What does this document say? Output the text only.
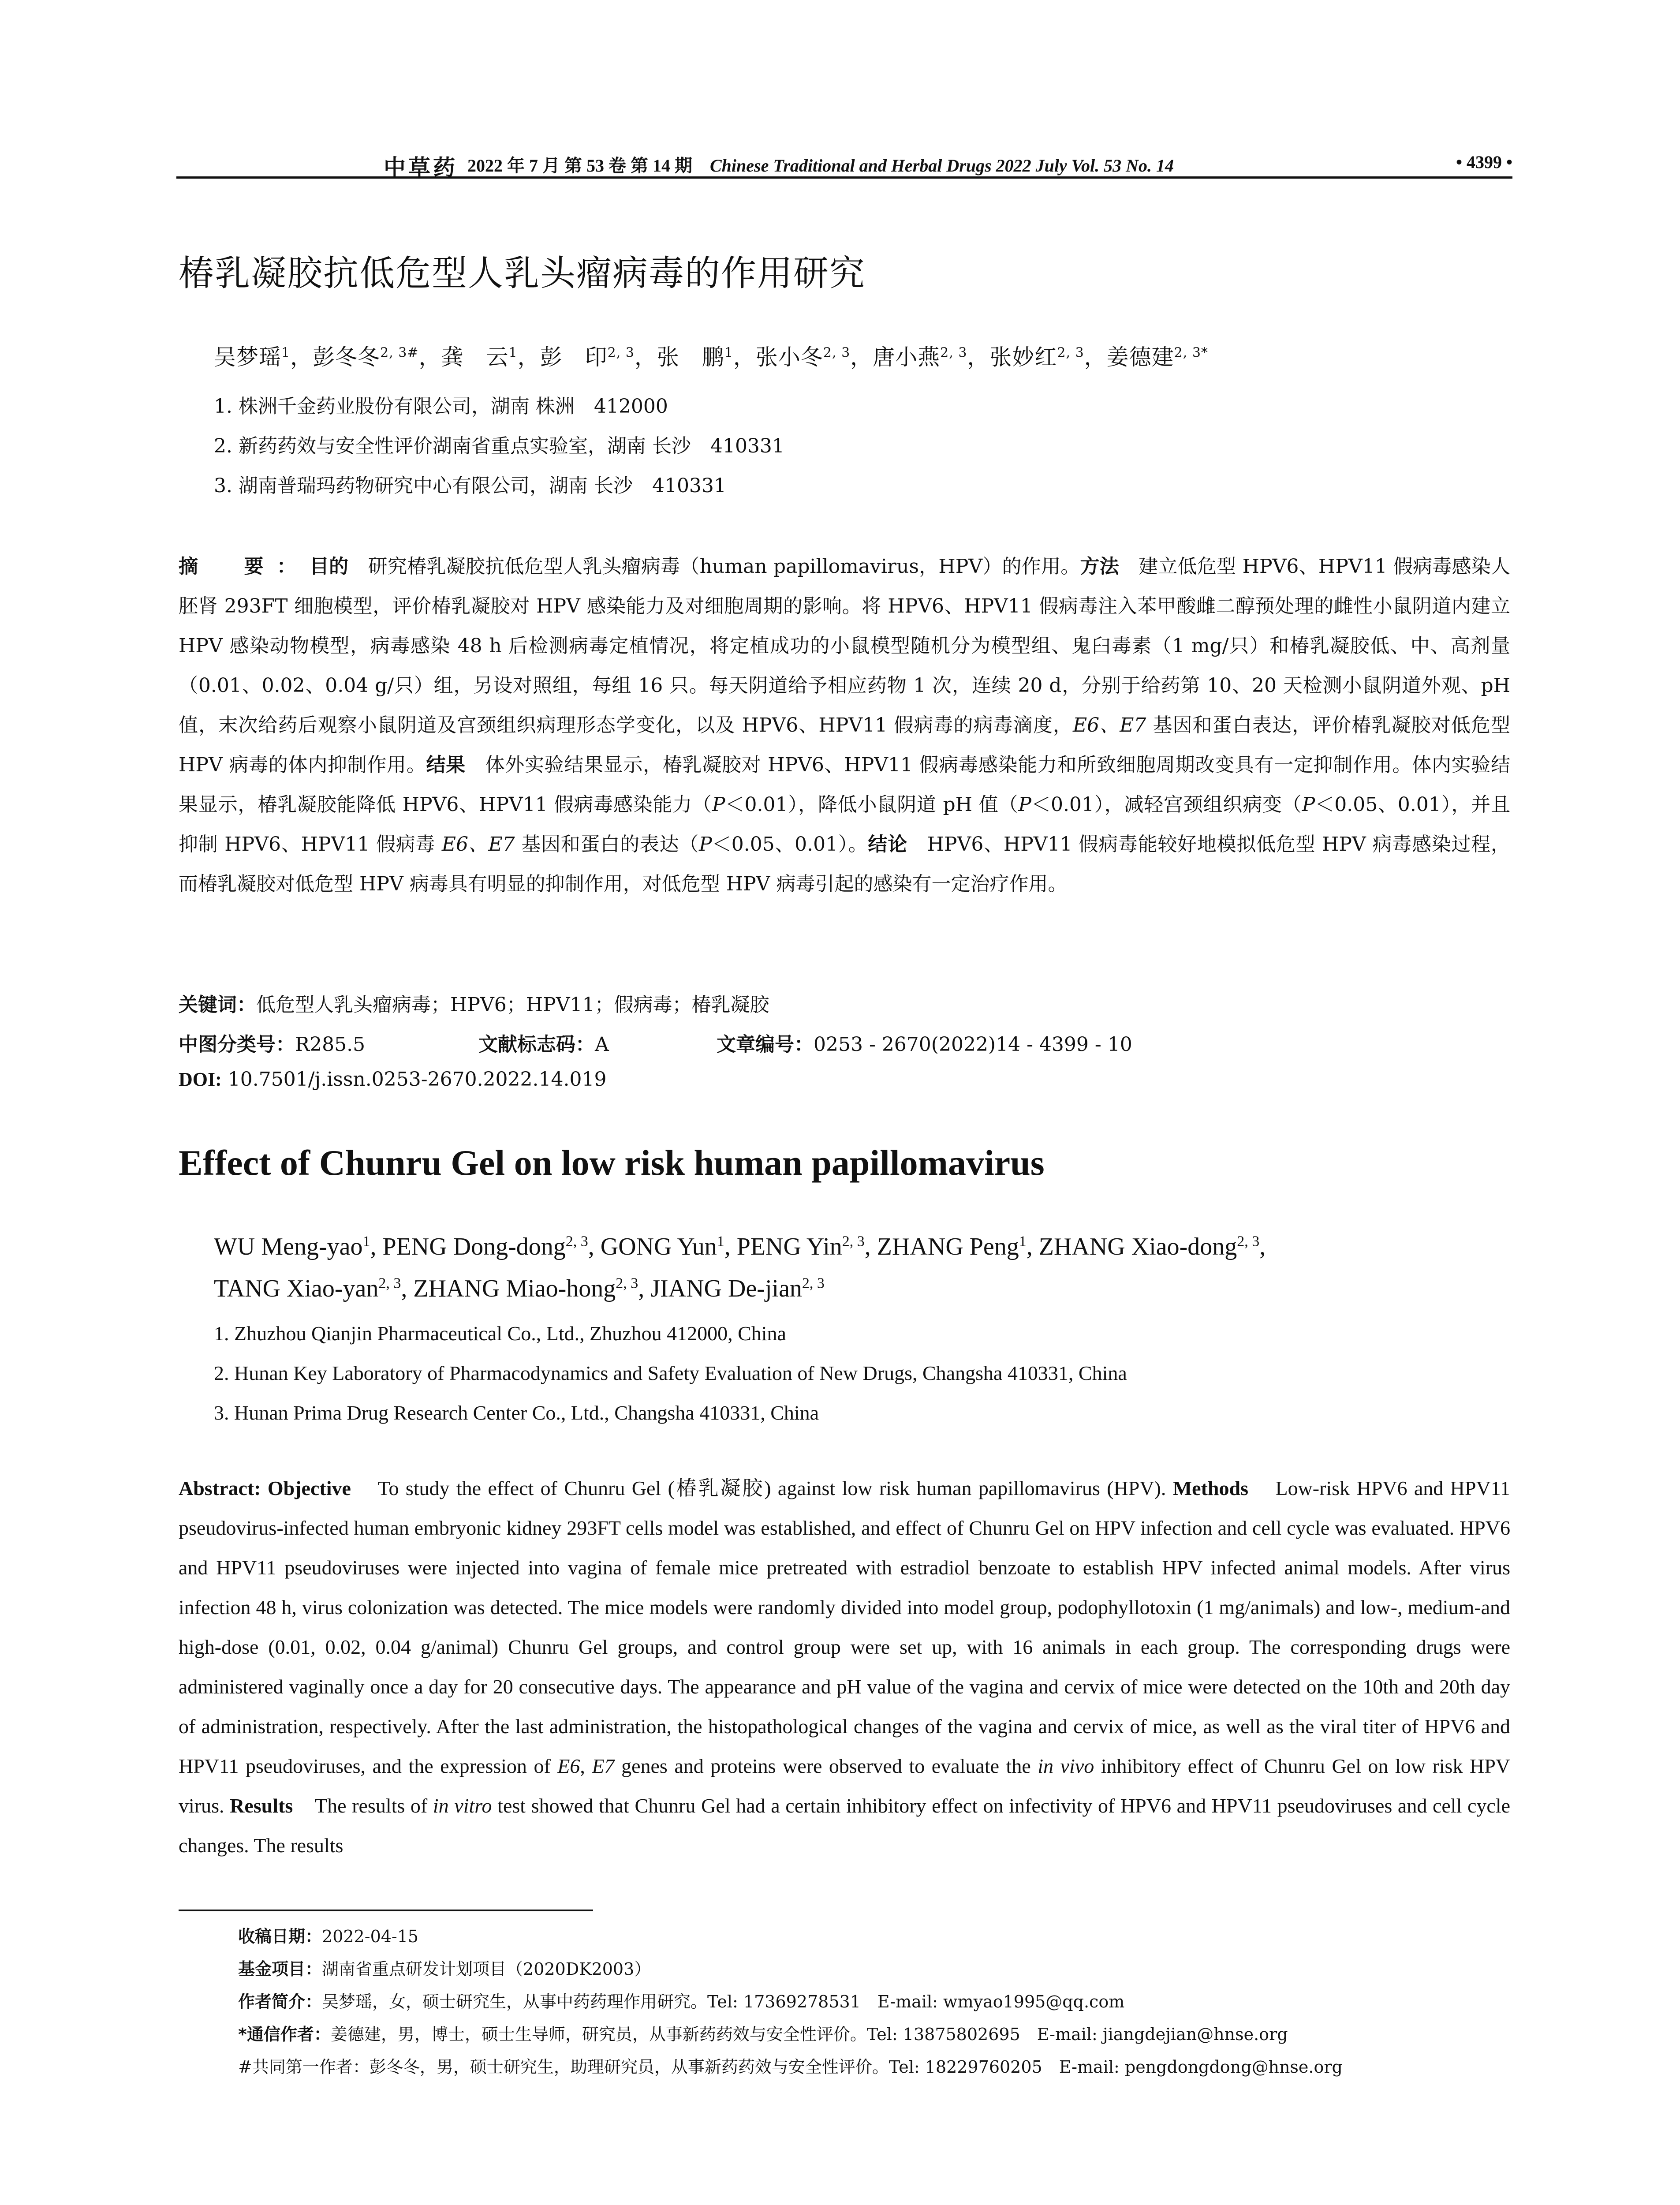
中草药 2022 年 7 月 第 53 卷 第 14 期　 Chinese Traditional and Herbal Drugs 2022 July Vol. 53 No. 14	• 4399 •
椿乳凝胶抗低危型人乳头瘤病毒的作用研究
吴梦瑶$^1$，彭冬冬$^{2, 3\#}$，龚　云$^1$，彭　印$^{2, 3}$，张　鹏$^1$，张小冬$^{2, 3}$，唐小燕$^{2, 3}$，张妙红$^{2, 3}$，姜德建$^{2, 3*}$
1. 株洲千金药业股份有限公司，湖南 株洲　412000
2. 新药药效与安全性评价湖南省重点实验室，湖南 长沙　410331
3. 湖南普瑞玛药物研究中心有限公司，湖南 长沙　410331
摘　要：目的　 研究椿乳凝胶抗低危型人乳头瘤病毒（human papillomavirus，HPV）的作用。方法　 建立低危型 HPV6、HPV11 假病毒感染人胚肾 293FT 细胞模型，评价椿乳凝胶对 HPV 感染能力及对细胞周期的影响。将 HPV6、HPV11 假病毒注入苯甲酸雌二醇预处理的雌性小鼠阴道内建立 HPV 感染动物模型，病毒感染 48 h 后检测病毒定植情况，将定植成功的小鼠模型随机分为模型组、鬼臼毒素（1 mg/只）和椿乳凝胶低、中、高剂量（0.01、0.02、0.04 g/只）组，另设对照组，每组 16 只。每天阴道给予相应药物 1 次，连续 20 d，分别于给药第 10、20 天检测小鼠阴道外观、pH 值，末次给药后观察小鼠阴道及宫颈组织病理形态学变化，以及 HPV6、HPV11 假病毒的病毒滴度，E6、E7 基因和蛋白表达，评价椿乳凝胶对低危型 HPV 病毒的体内抑制作用。结果　 体外实验结果显示，椿乳凝胶对 HPV6、HPV11 假病毒感染能力和所致细胞周期改变具有一定抑制作用。体内实验结果显示，椿乳凝胶能降低 HPV6、HPV11 假病毒感染能力（P＜0.01），降低小鼠阴道 pH 值（P＜0.01），减轻宫颈组织病变（P＜0.05、0.01），并且抑制 HPV6、HPV11 假病毒 E6、E7 基因和蛋白的表达（P＜0.05、0.01）。结论　 HPV6、HPV11 假病毒能较好地模拟低危型 HPV 病毒感染过程，而椿乳凝胶对低危型 HPV 病毒具有明显的抑制作用，对低危型 HPV 病毒引起的感染有一定治疗作用。
关键词：低危型人乳头瘤病毒；HPV6；HPV11；假病毒；椿乳凝胶
中图分类号：R285.5	文献标志码：A	文章编号：0253 - 2670(2022)14 - 4399 - 10
DOI: 10.7501/j.issn.0253-2670.2022.14.019
Effect of Chunru Gel on low risk human papillomavirus
WU Meng-yao$^1$, PENG Dong-dong$^{2, 3}$, GONG Yun$^1$, PENG Yin$^{2, 3}$, ZHANG Peng$^1$, ZHANG Xiao-dong$^{2, 3}$,
TANG Xiao-yan$^{2, 3}$, ZHANG Miao-hong$^{2, 3}$, JIANG De-jian$^{2, 3}$
1. Zhuzhou Qianjin Pharmaceutical Co., Ltd., Zhuzhou 412000, China
2. Hunan Key Laboratory of Pharmacodynamics and Safety Evaluation of New Drugs, Changsha 410331, China
3. Hunan Prima Drug Research Center Co., Ltd., Changsha 410331, China
Abstract: Objective To study the effect of Chunru Gel (椿乳凝胶) against low risk human papillomavirus (HPV). Methods Low-risk HPV6 and HPV11 pseudovirus-infected human embryonic kidney 293FT cells model was established, and effect of Chunru Gel on HPV infection and cell cycle was evaluated. HPV6 and HPV11 pseudoviruses were injected into vagina of female mice pretreated with estradiol benzoate to establish HPV infected animal models. After virus infection 48 h, virus colonization was detected. The mice models were randomly divided into model group, podophyllotoxin (1 mg/animals) and low-, medium-and high-dose (0.01, 0.02, 0.04 g/animal) Chunru Gel groups, and control group were set up, with 16 animals in each group. The corresponding drugs were administered vaginally once a day for 20 consecutive days. The appearance and pH value of the vagina and cervix of mice were detected on the 10th and 20th day of administration, respectively. After the last administration, the histopathological changes of the vagina and cervix of mice, as well as the viral titer of HPV6 and HPV11 pseudoviruses, and the expression of E6, E7 genes and proteins were observed to evaluate the in vivo inhibitory effect of Chunru Gel on low risk HPV virus. Results The results of in vitro test showed that Chunru Gel had a certain inhibitory effect on infectivity of HPV6 and HPV11 pseudoviruses and cell cycle changes. The results
收稿日期：2022-04-15
基金项目：湖南省重点研发计划项目（2020DK2003）
作者简介：吴梦瑶，女，硕士研究生，从事中药药理作用研究。Tel: 17369278531　E-mail: wmyao1995@qq.com
*通信作者：姜德建，男，博士，硕士生导师，研究员，从事新药药效与安全性评价。Tel: 13875802695　E-mail: jiangdejian@hnse.org
#共同第一作者：彭冬冬，男，硕士研究生，助理研究员，从事新药药效与安全性评价。Tel: 18229760205　E-mail: pengdongdong@hnse.org
